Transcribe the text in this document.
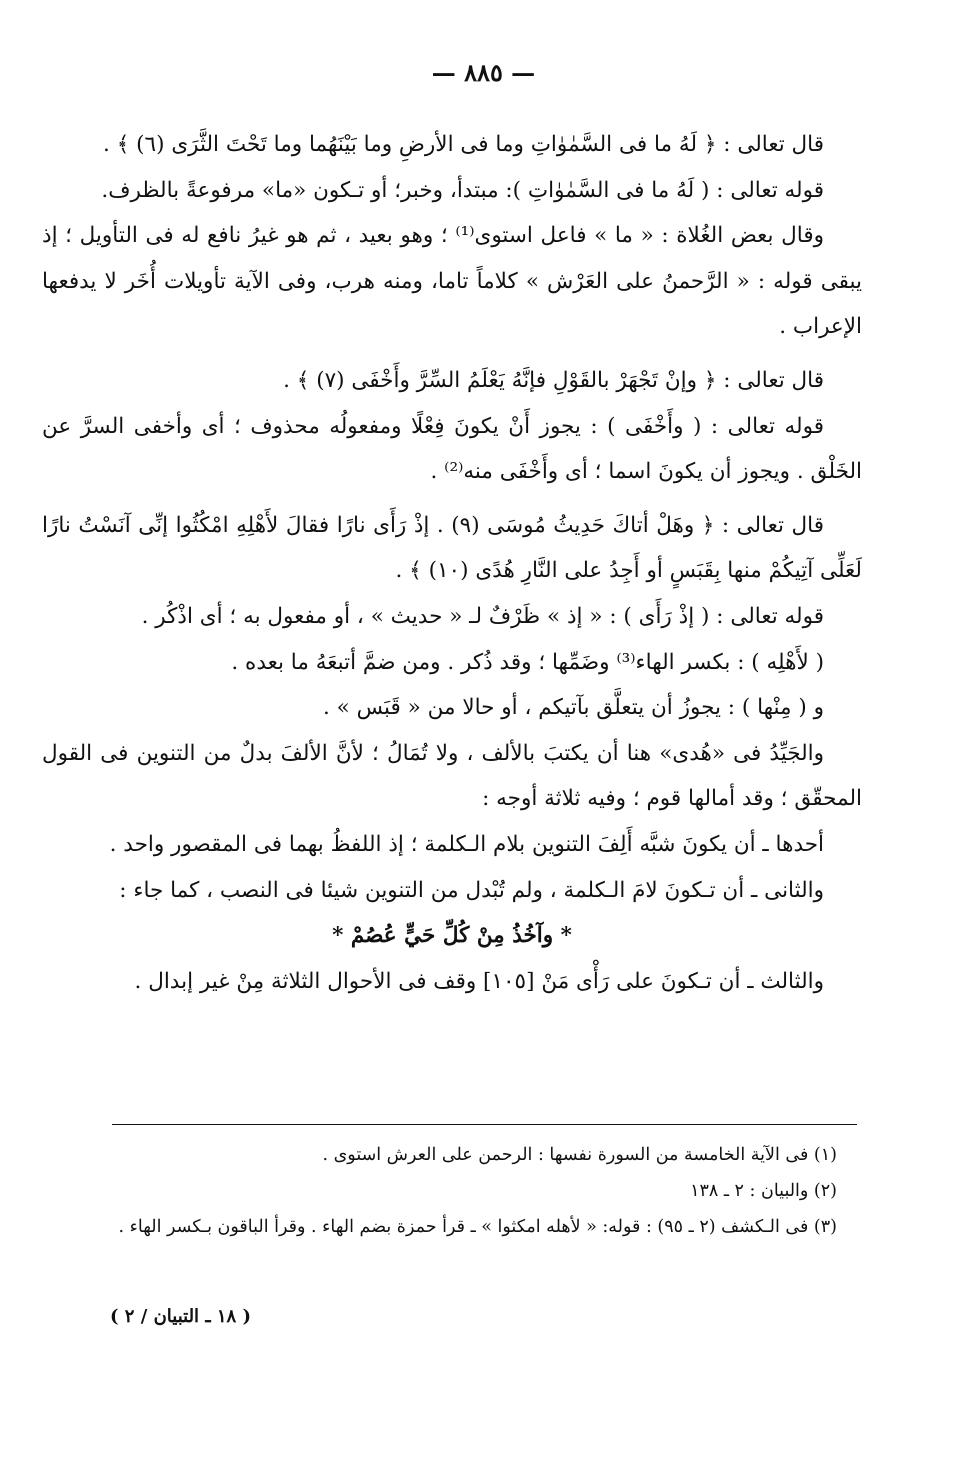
— ٨٨٥ —

قال تعالى : ﴿ لَهُ ما فى السَّمٰوٰاتِ وما فى الأرضِ وما بَيْنَهُما وما تَحْتَ الثَّرَى (٦) ﴾ .

قوله تعالى : ( لَهُ ما فى السَّمٰوٰاتِ ): مبتدأ، وخبر؛ أو تـكون «ما» مرفوعةً بالظرف.

وقال بعض الغُلاة : « ما » فاعل استوى⁽¹⁾ ؛ وهو بعيد ، ثم هو غيرُ نافع له فى التأويل ؛ إذ يبقى قوله : « الرَّحمنُ على العَرْش » كلاماً تاما، ومنه هرب، وفى الآية تأويلات أُخَر لا يدفعها الإعراب .

قال تعالى : ﴿ وإنْ تَجْهَرْ بالقَوْلِ فإنَّهُ يَعْلَمُ السِّرَّ وأَخْفَى (٧) ﴾ .

قوله تعالى : ( وأَخْفَى ) : يجوز أَنْ يكونَ فِعْلًا ومفعولُه محذوف ؛ أى وأخفى السرَّ عن الخَلْق . ويجوز أن يكونَ اسما ؛ أى وأَخْفَى منه⁽²⁾ .

قال تعالى : ﴿ وهَلْ أتاكَ حَدِيثُ مُوسَى (٩) . إذْ رَأَى نارًا فقالَ لأَهْلِهِ امْكُثُوا إنِّى آنَسْتُ نارًا لَعَلِّى آتِيكُمْ منها بِقَبَسٍ أو أَجِدُ على النَّارِ هُدًى (١٠) ﴾ .

قوله تعالى : ( إذْ رَأَى ) : « إذ » ظَرْفٌ لـ « حديث » ، أو مفعول به ؛ أى اذْكُر .

( لأَهْلِه ) : بكسر الهاء⁽³⁾ وضَمِّها ؛ وقد ذُكر . ومن ضمَّ أتبعَهُ ما بعده .

و ( مِنْها ) : يجوزُ أن يتعلَّق بآتيكم ، أو حالا من « قَبَس » .

والجَيِّدُ فى «هُدى» هنا أن يكتبَ بالألف ، ولا تُمَالُ ؛ لأنَّ الألفَ بدلٌ من التنوين فى القول المحقّق ؛ وقد أمالها قوم ؛ وفيه ثلاثة أوجه :

أحدها ـ أن يكونَ شبَّه أَلِفَ التنوين بلام الـكلمة ؛ إذ اللفظُ بهما فى المقصور واحد .

والثانى ـ أن تـكونَ لامَ الـكلمة ، ولم تُبْدل من التنوين شيئا فى النصب ، كما جاء :

* وآخُذُ مِنْ كُلِّ حَيٍّ عُصُمْ *

والثالث ـ أن تـكونَ على رَأْى مَنْ [١٠٥] وقف فى الأحوال الثلاثة مِنْ غير إبدال .

(١) فى الآية الخامسة من السورة نفسها : الرحمن على العرش استوى .

(٢) والبيان : ٢ ـ ١٣٨

(٣) فى الـكشف (٢ ـ ٩٥) : قوله: « لأهله امكثوا » ـ قرأ حمزة بضم الهاء . وقرأ الباقون بـكسر الهاء .

( ١٨ ـ التبيان / ٢ )
